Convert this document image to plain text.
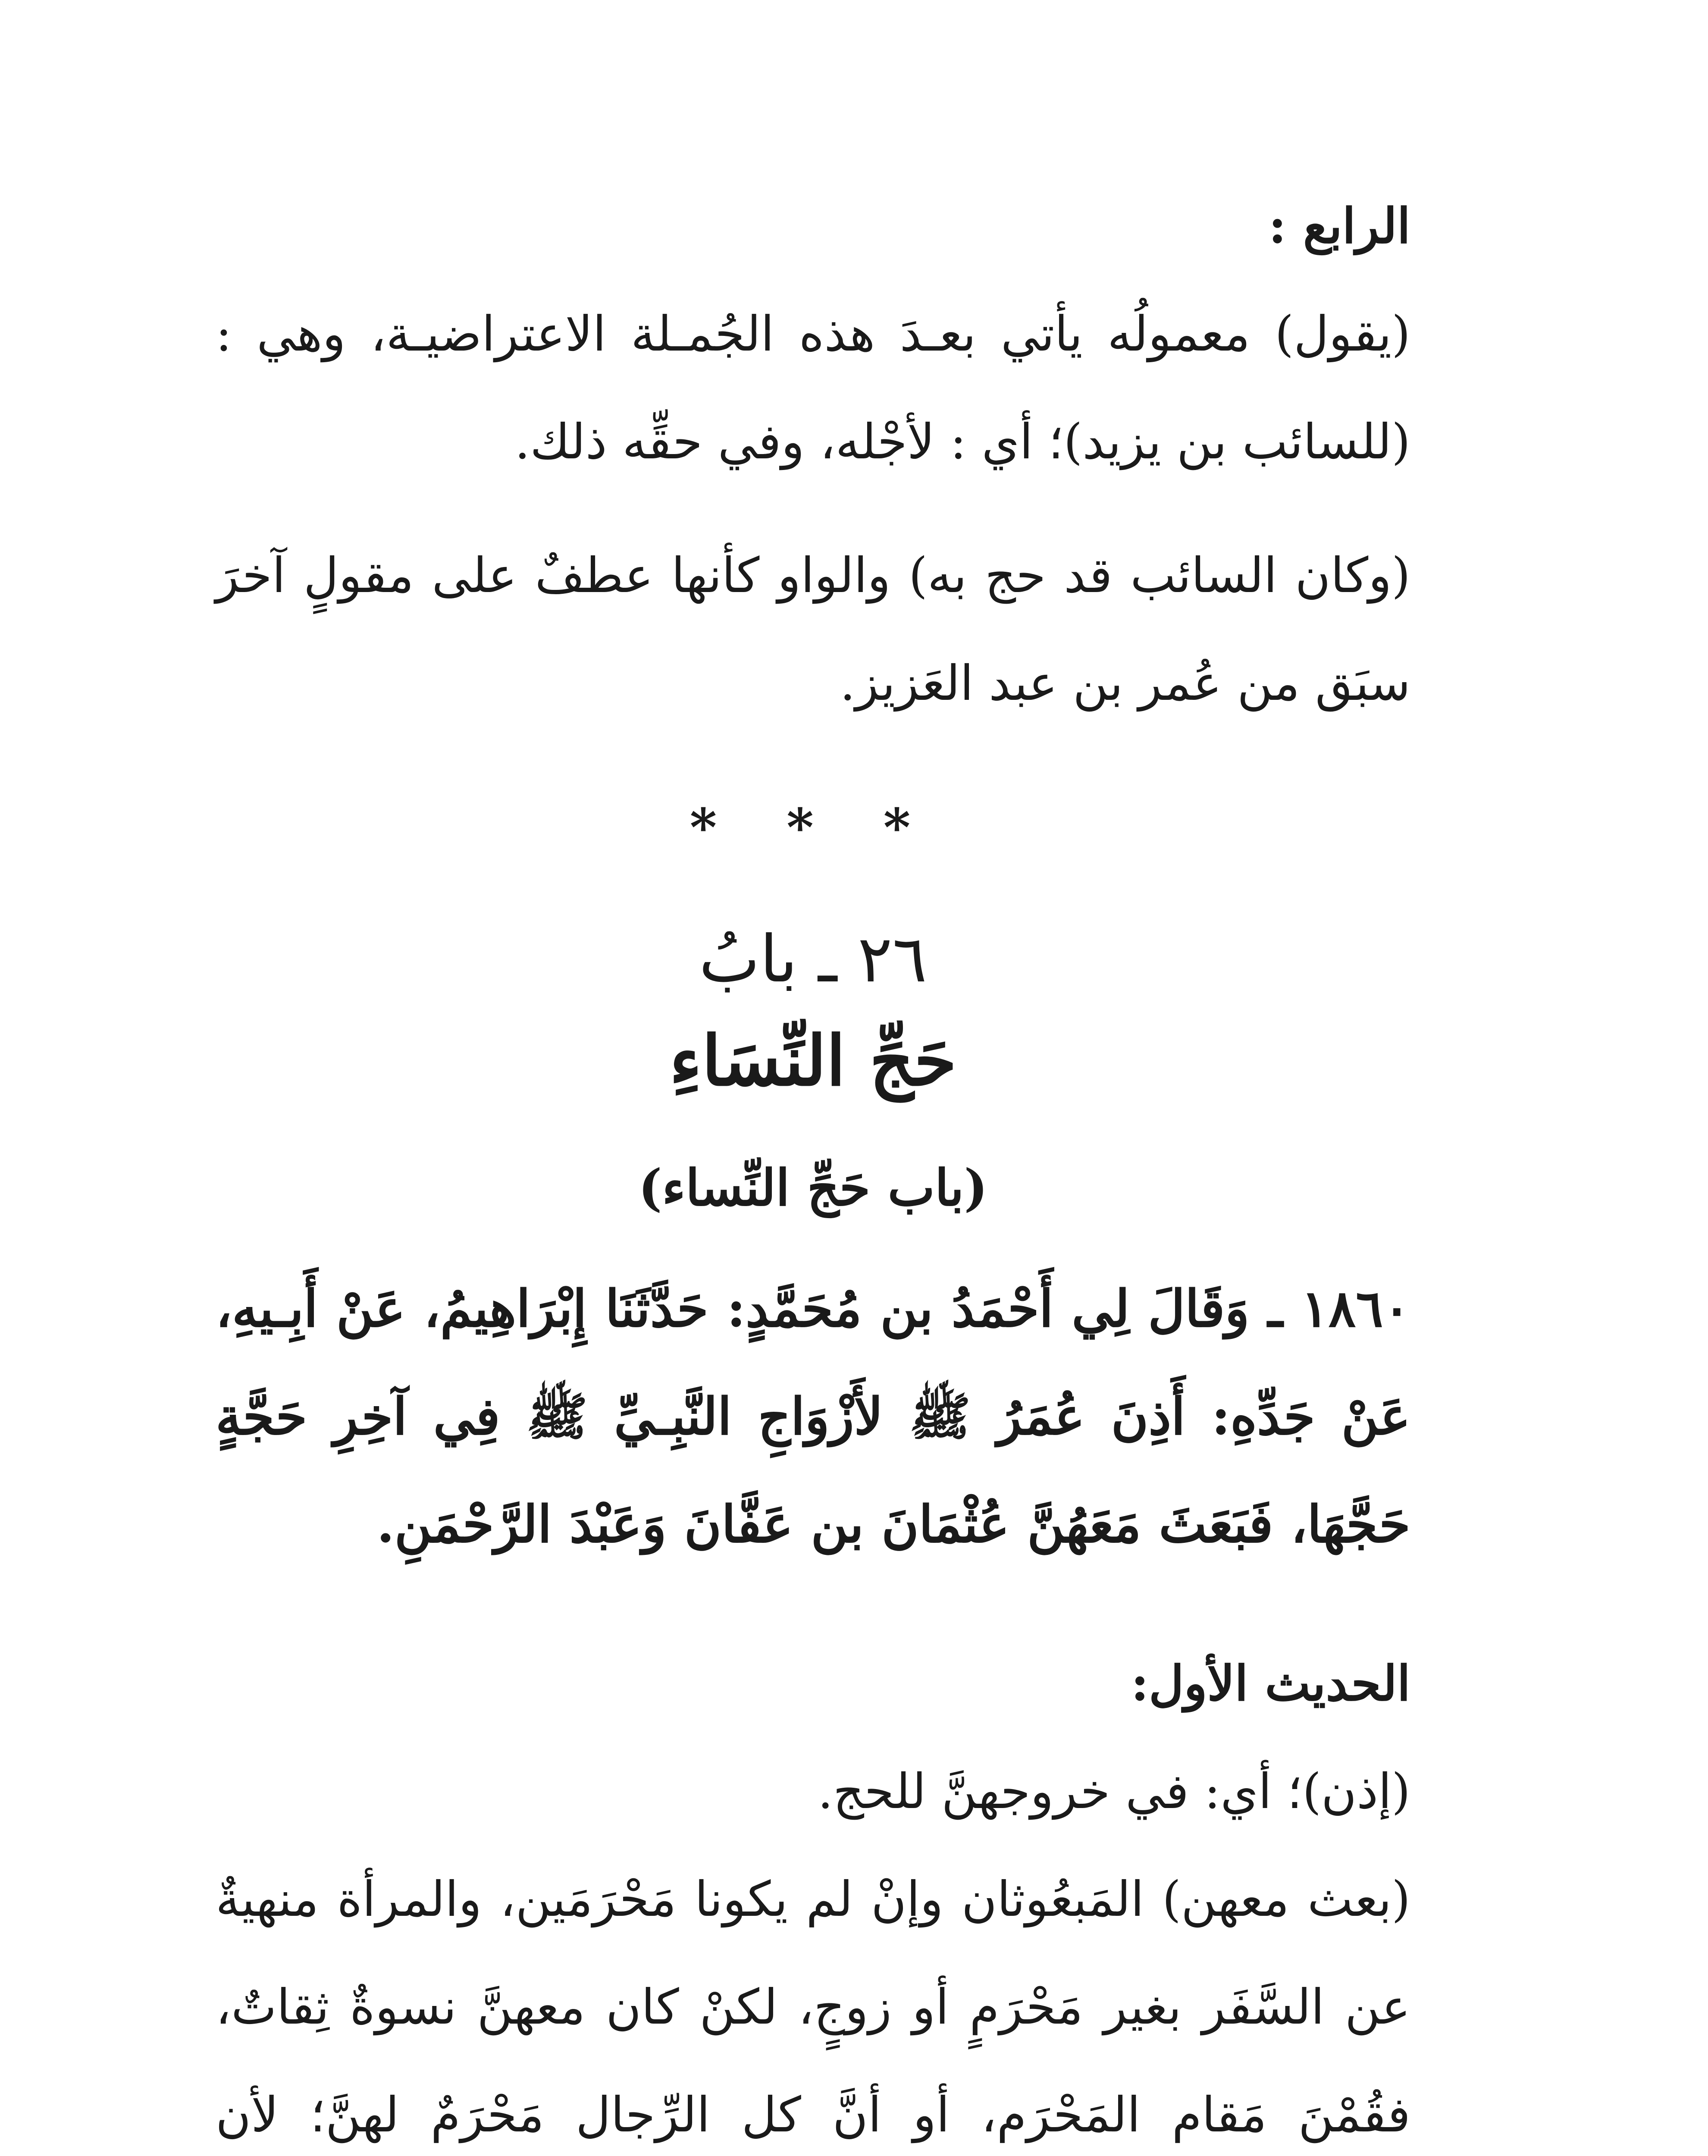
الرابع :

(يقول) معمولُه يأتي بعـدَ هذه الجُمـلة الاعتراضيـة، وهي : (للسائب بن يزيد)؛ أي : لأجْله، وفي حقِّه ذلك.

(وكان السائب قد حج به) والواو كأنها عطفٌ على مقولٍ آخرَ سبَق من عُمر بن عبد العَزيز.

* * *

٢٦ ـ بابُ

حَجِّ النِّسَاءِ

(باب حَجِّ النِّساء)

١٨٦٠ ـ وَقَالَ لِي أَحْمَدُ بن مُحَمَّدٍ: حَدَّثَنَا إِبْرَاهِيمُ، عَنْ أَبِـيهِ، عَنْ جَدِّهِ: أَذِنَ عُمَرُ ﷺ لأَزْوَاجِ النَّبِـيِّ ﷺ فِي آخِرِ حَجَّةٍ حَجَّهَا، فَبَعَثَ مَعَهُنَّ عُثْمَانَ بن عَفَّانَ وَعَبْدَ الرَّحْمَنِ.

الحديث الأول:

(إذن)؛ أي: في خروجهنَّ للحج.

(بعث معهن) المَبعُوثان وإنْ لم يكونا مَحْرَمَين، والمرأة منهيةٌ عن السَّفَر بغير مَحْرَمٍ أو زوجٍ، لكنْ كان معهنَّ نسوةٌ ثِقاتٌ، فقُمْنَ مَقام المَحْرَم، أو أنَّ كل الرِّجال مَحْرَمٌ لهنَّ؛ لأن
